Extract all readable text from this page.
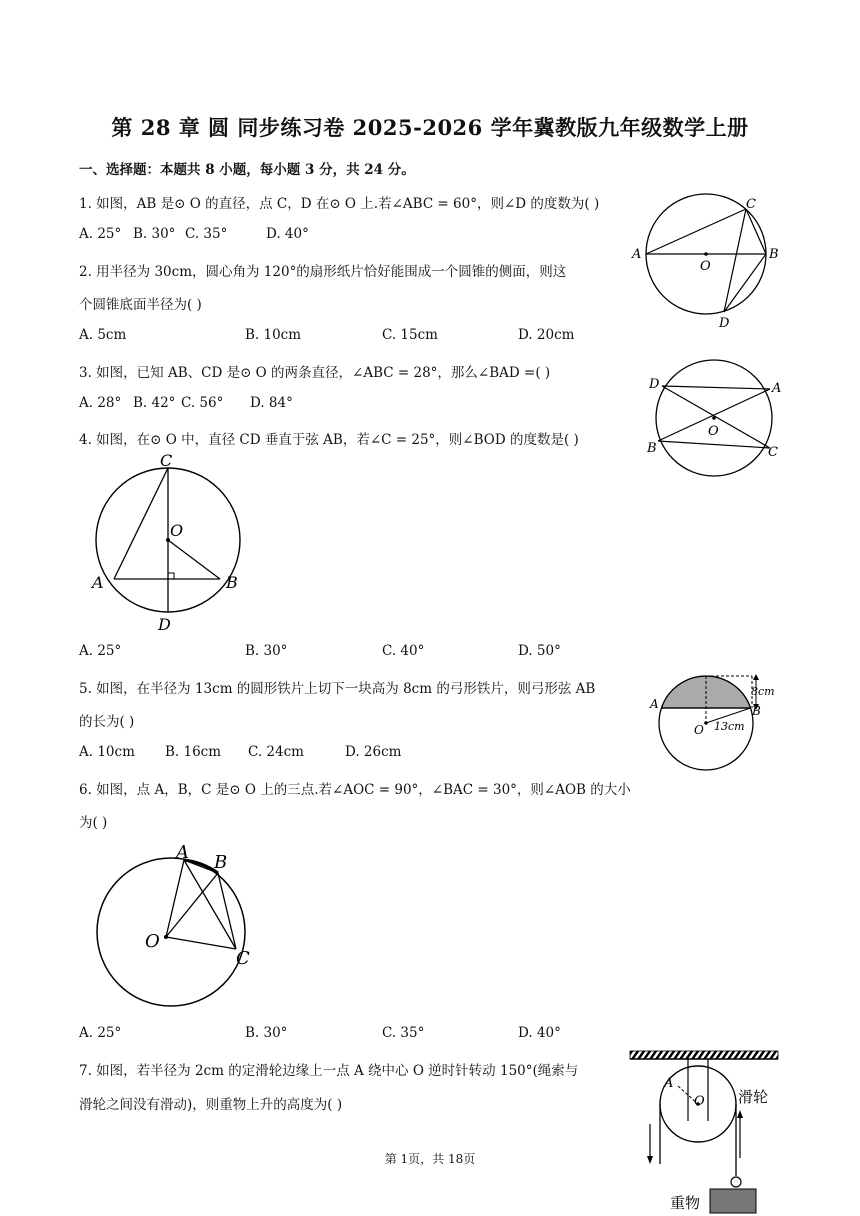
第 28 章 圆 同步练习卷 2025-2026 学年冀教版九年级数学上册
一、选择题：本题共 8 小题，每小题 3 分，共 24 分。
1. 如图，AB 是⊙ O 的直径，点 C，D 在⊙ O 上.若∠ABC = 60°，则∠D 的度数为( )
A. 25° B. 30° C. 35°	D. 40°
2. 用半径为 30cm，圆心角为 120°的扇形纸片恰好能围成一个圆锥的侧面，则这
个圆锥底面半径为( )
A. 5cm	B. 10cm	C. 15cm	D. 20cm
3. 如图，已知 AB、CD 是⊙ O 的两条直径，∠ABC = 28°，那么∠BAD =( )
A. 28° B. 42° C. 56° D. 84°
4. 如图，在⊙ O 中，直径 CD 垂直于弦 AB，若∠C = 25°，则∠BOD 的度数是( )
A. 25°	B. 30°	C. 40°	D. 50°
5. 如图，在半径为 13cm 的圆形铁片上切下一块高为 8cm 的弓形铁片，则弓形弦 AB
的长为( )
A. 10cm B. 16cm C. 24cm	D. 26cm
6. 如图，点 A，B，C 是⊙ O 上的三点.若∠AOC = 90°，∠BAC = 30°，则∠AOB 的大小
为( )
A. 25°	B. 30°	C. 35°	D. 40°
7. 如图，若半径为 2cm 的定滑轮边缘上一点 A 绕中心 O 逆时针转动 150°(绳索与
滑轮之间没有滑动)，则重物上升的高度为( )
A	B
C
D
O
D	A
B	C
O
C
O
A	B
D
A	B
O
8cm
13cm
A B
C
O
A
O 滑轮
重物
第 1页，共 18页
